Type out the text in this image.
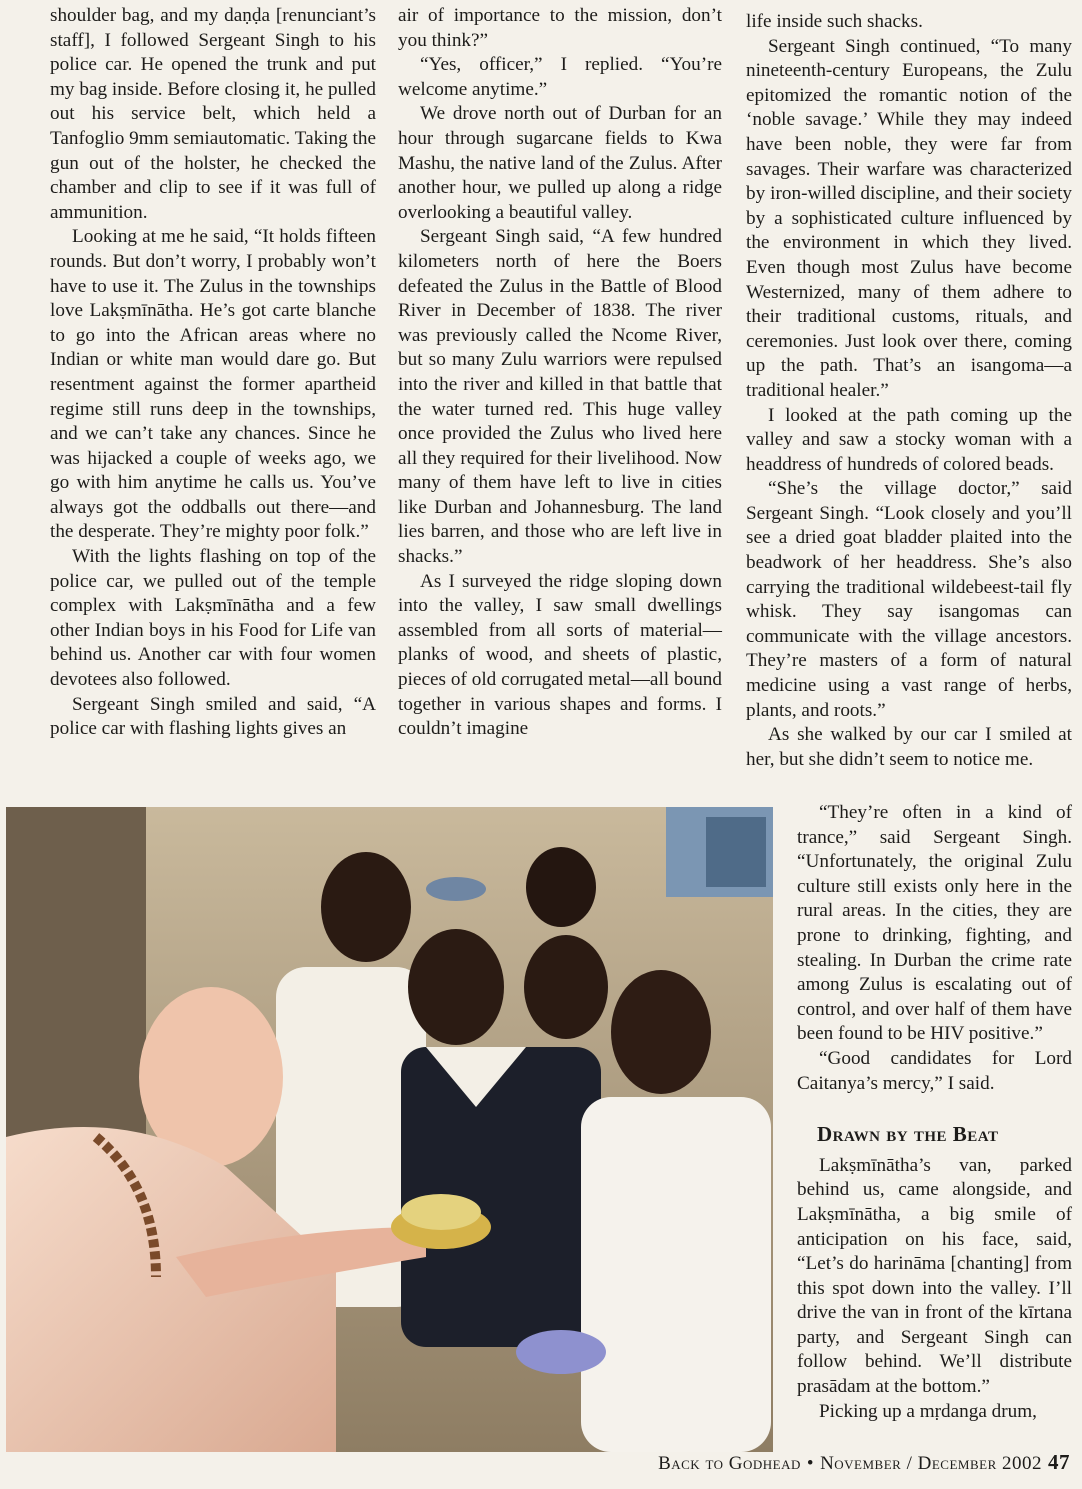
shoulder bag, and my daṇḍa [renunciant’s staff], I followed Sergeant Singh to his police car. He opened the trunk and put my bag inside. Before closing it, he pulled out his service belt, which held a Tanfoglio 9mm semiautomatic. Taking the gun out of the holster, he checked the chamber and clip to see if it was full of ammunition.

Looking at me he said, “It holds fifteen rounds. But don’t worry, I probably won’t have to use it. The Zulus in the townships love Lakṣmīnātha. He’s got carte blanche to go into the African areas where no Indian or white man would dare go. But resentment against the former apartheid regime still runs deep in the townships, and we can’t take any chances. Since he was hijacked a couple of weeks ago, we go with him anytime he calls us. You’ve always got the oddballs out there—and the desperate. They’re mighty poor folk.”

With the lights flashing on top of the police car, we pulled out of the temple complex with Lakṣmīnātha and a few other Indian boys in his Food for Life van behind us. Another car with four women devotees also followed.

Sergeant Singh smiled and said, “A police car with flashing lights gives an

air of importance to the mission, don’t you think?”

“Yes, officer,” I replied. “You’re welcome anytime.”

We drove north out of Durban for an hour through sugarcane fields to Kwa Mashu, the native land of the Zulus. After another hour, we pulled up along a ridge overlooking a beautiful valley.

Sergeant Singh said, “A few hundred kilometers north of here the Boers defeated the Zulus in the Battle of Blood River in December of 1838. The river was previously called the Ncome River, but so many Zulu warriors were repulsed into the river and killed in that battle that the water turned red. This huge valley once provided the Zulus who lived here all they required for their livelihood. Now many of them have left to live in cities like Durban and Johannesburg. The land lies barren, and those who are left live in shacks.”

As I surveyed the ridge sloping down into the valley, I saw small dwellings assembled from all sorts of material—planks of wood, and sheets of plastic, pieces of old corrugated metal—all bound together in various shapes and forms. I couldn’t imagine

life inside such shacks.

Sergeant Singh continued, “To many nineteenth-century Europeans, the Zulu epitomized the romantic notion of the ‘noble savage.’ While they may indeed have been noble, they were far from savages. Their warfare was characterized by iron-willed discipline, and their society by a sophisticated culture influenced by the environment in which they lived. Even though most Zulus have become Westernized, many of them adhere to their traditional customs, rituals, and ceremonies. Just look over there, coming up the path. That’s an isangoma—a traditional healer.”

I looked at the path coming up the valley and saw a stocky woman with a headdress of hundreds of colored beads.

“She’s the village doctor,” said Sergeant Singh. “Look closely and you’ll see a dried goat bladder plaited into the beadwork of her headdress. She’s also carrying the traditional wildebeest-tail fly whisk. They say isangomas can communicate with the village ancestors. They’re masters of a form of natural medicine using a vast range of herbs, plants, and roots.”

As she walked by our car I smiled at her, but she didn’t seem to notice me.

“They’re often in a kind of trance,” said Sergeant Singh. “Unfortunately, the original Zulu culture still exists only here in the rural areas. In the cities, they are prone to drinking, fighting, and stealing. In Durban the crime rate among Zulus is escalating out of control, and over half of them have been found to be HIV positive.”

“Good candidates for Lord Caitanya’s mercy,” I said.

Drawn by the Beat

Lakṣmīnātha’s van, parked behind us, came alongside, and Lakṣmīnātha, a big smile of anticipation on his face, said, “Let’s do harināma [chanting] from this spot down into the valley. I’ll drive the van in front of the kīrtana party, and Sergeant Singh can follow behind. We’ll distribute prasādam at the bottom.”

Picking up a mṛdanga drum,

Back to Godhead • November / December 2002 47
